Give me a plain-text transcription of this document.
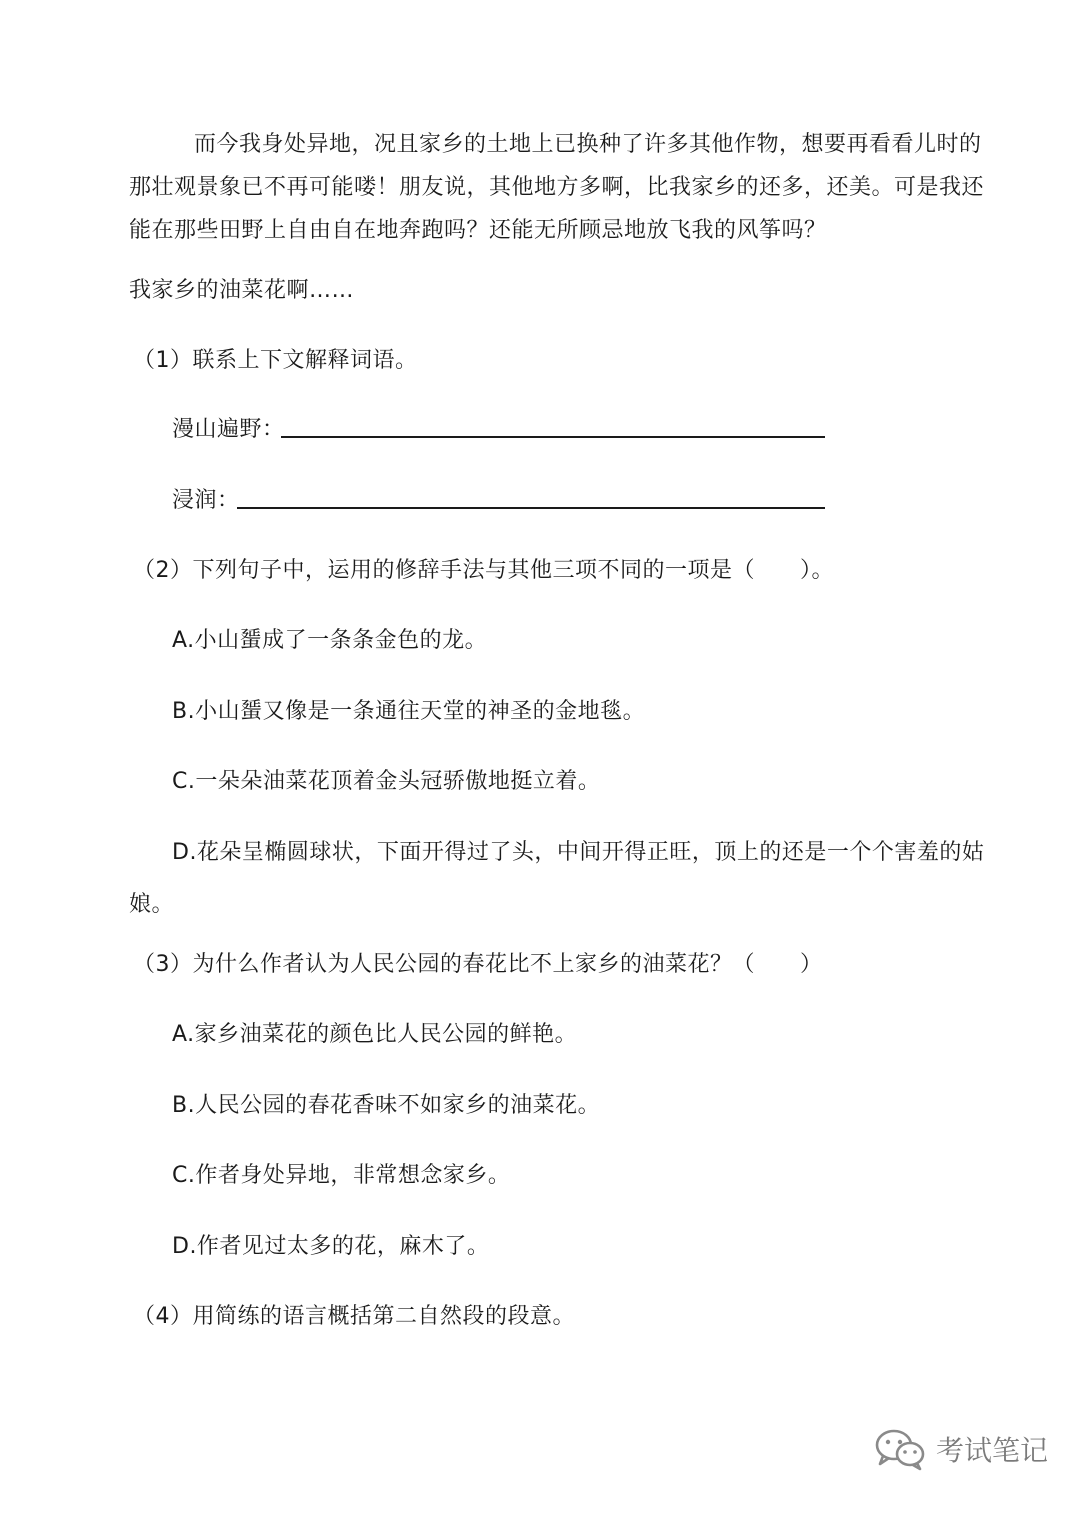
而今我身处异地，况且家乡的土地上已换种了许多其他作物，想要再看看儿时的
那壮观景象已不再可能喽！朋友说，其他地方多啊，比我家乡的还多，还美。可是我还
能在那些田野上自由自在地奔跑吗？还能无所顾忌地放飞我的风筝吗？
我家乡的油菜花啊……
（1）联系上下文解释词语。
漫山遍野：
浸润：
（2）下列句子中，运用的修辞手法与其他三项不同的一项是（　　）。
A.小山蜑成了一条条金色的龙。
B.小山蜑又像是一条通往天堂的神圣的金地毯。
C.一朵朵油菜花顶着金头冠骄傲地挺立着。
D.花朵呈椭圆球状，下面开得过了头，中间开得正旺，顶上的还是一个个害羞的姑
娘。
（3）为什么作者认为人民公园的春花比不上家乡的油菜花？（　　）
A.家乡油菜花的颜色比人民公园的鲜艳。
B.人民公园的春花香味不如家乡的油菜花。
C.作者身处异地，非常想念家乡。
D.作者见过太多的花，麻木了。
（4）用简练的语言概括第二自然段的段意。
考试笔记
